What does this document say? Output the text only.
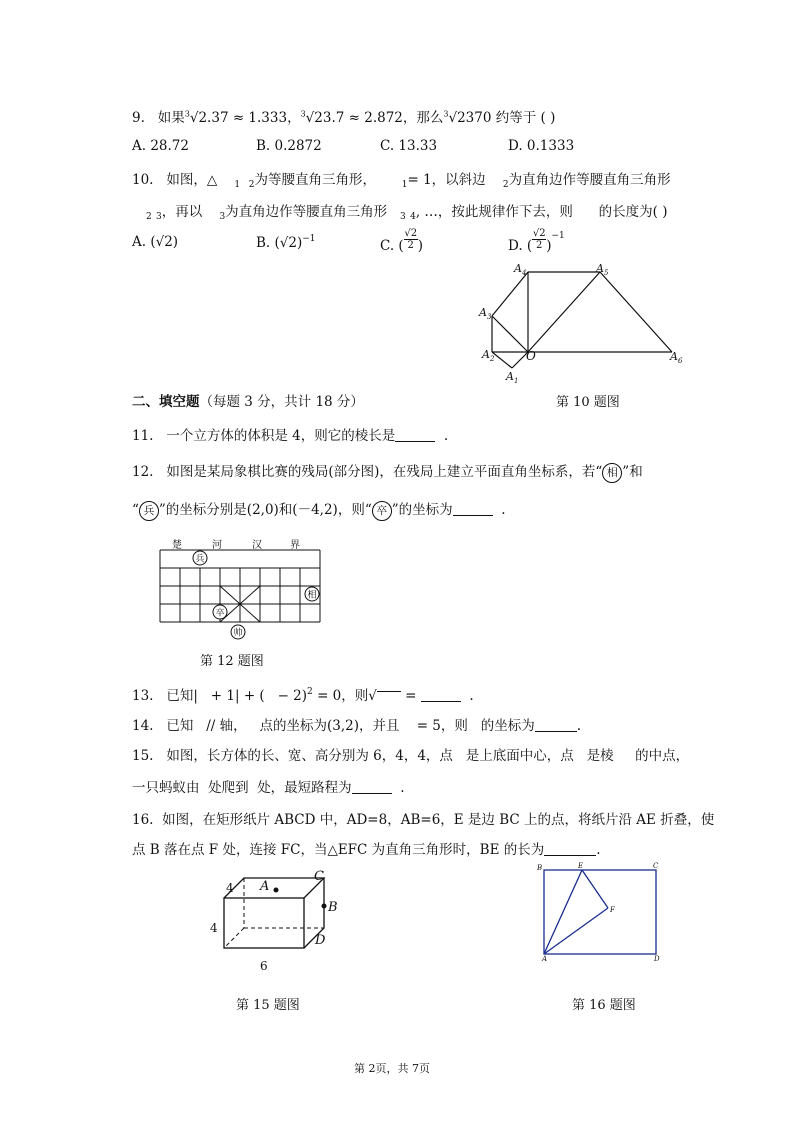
9. 如果$^3$√2.37 ≈ 1.333，$^3$√23.7 ≈ 2.872，那么$^3$√2370 约等于 ( )
A. 28.72	B. 0.2872	C. 13.33	D. 0.1333
10. 如图，△ $_1$ $_2$为等腰直角三角形，	$_1$= 1，以斜边 $_2$为直角边作等腰直角三角形
$_2$ $_3$，再以 $_3$为直角边作等腰直角三角形 $_3$ $_4$, …，按此规律作下去，则 的长度为( )
A. (√2)	B. $(√2)^{-1}$	C. $(\frac{√2}{2})$	D. $(\frac{√2}{2})^{-1}$
$A_4$	$A_5$
$A_3$
$A_2$
$A_1$
O	$A_6$
二、填空题（每题 3 分，共计 18 分）	第 10 题图
11. 一个立方体的体积是 4，则它的棱长是	.
12. 如图是某局象棋比赛的残局(部分图)，在残局上建立平面直角坐标系，若“ 相 ”和
“ 兵 ”的坐标分别是(2,0)和(－4,2)，则“ 卒 ”的坐标为	.
楚	河	汉	界
兵
相
卒
帅
第 12 题图
13. 已知| + 1| + ( − 2)$^2$ = 0，则√ =	.
14. 已知 // 轴， 点的坐标为(3,2)，并且 = 5，则 的坐标为	.
15. 如图，长方体的长、宽、高分别为 6，4，4，点 是上底面中心，点 是棱 的中点，
一只蚂蚁由 处爬到 处，最短路程为	.
16. 如图，在矩形纸片 ABCD 中，AD=8，AB=6，E 是边 BC 上的点，将纸片沿 AE 折叠，使
点 B 落在点 F 处，连接 FC，当△EFC 为直角三角形时，BE 的长为	.
A
B
C
D
4
4
6
B	E	C
F
A	D
第 15 题图	第 16 题图
第 2页，共 7页
